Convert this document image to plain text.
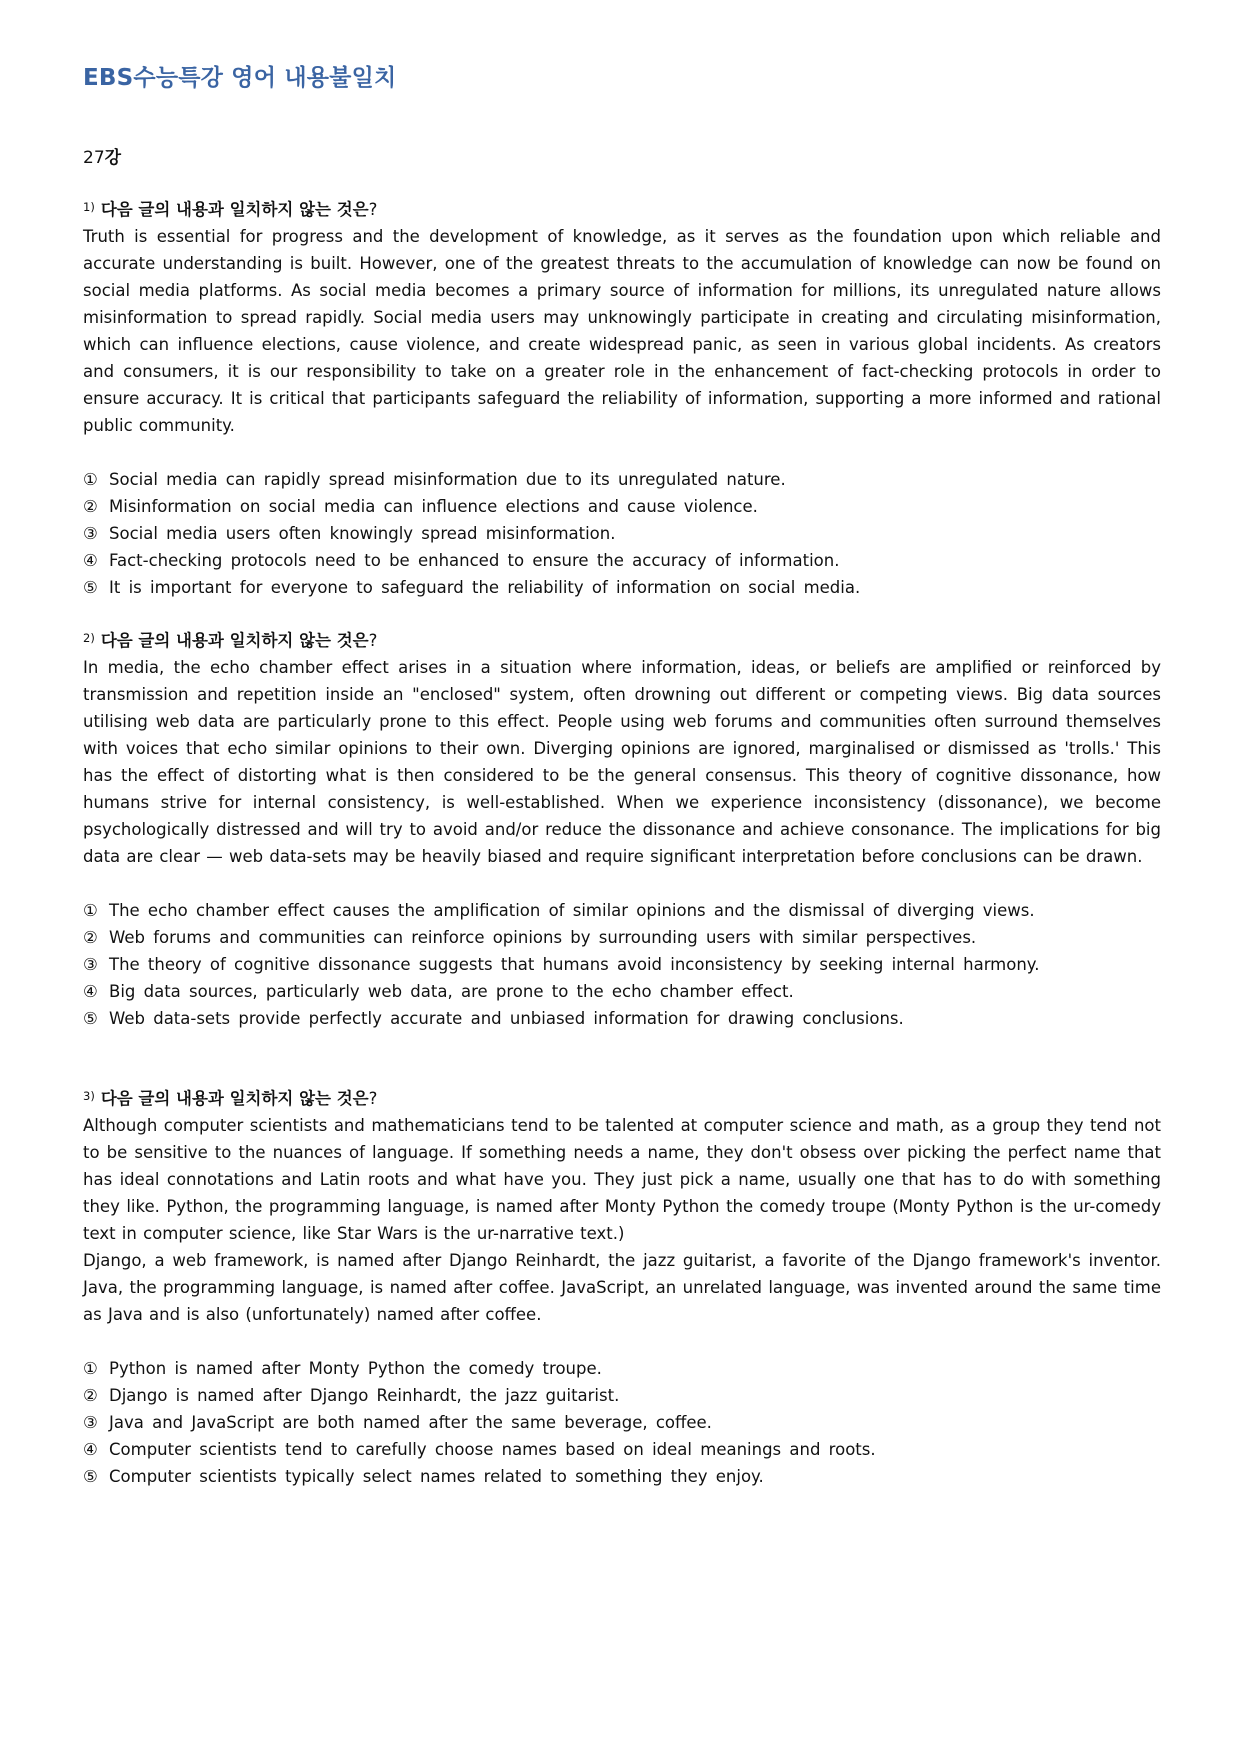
EBS수능특강 영어 내용불일치
27강
$^{1)}$ 다음 글의 내용과 일치하지 않는 것은?

Truth is essential for progress and the development of knowledge, as it serves as the foundation upon which reliable and accurate understanding is built. However, one of the greatest threats to the accumulation of knowledge can now be found on social media platforms. As social media becomes a primary source of information for millions, its unregulated nature allows misinformation to spread rapidly. Social media users may unknowingly participate in creating and circulating misinformation, which can influence elections, cause violence, and create widespread panic, as seen in various global incidents. As creators and consumers, it is our responsibility to take on a greater role in the enhancement of fact-checking protocols in order to ensure accuracy. It is critical that participants safeguard the reliability of information, supporting a more informed and rational public community.

① Social media can rapidly spread misinformation due to its unregulated nature.
② Misinformation on social media can influence elections and cause violence.
③ Social media users often knowingly spread misinformation.
④ Fact-checking protocols need to be enhanced to ensure the accuracy of information.
⑤ It is important for everyone to safeguard the reliability of information on social media.
$^{2)}$ 다음 글의 내용과 일치하지 않는 것은?

In media, the echo chamber effect arises in a situation where information, ideas, or beliefs are amplified or reinforced by transmission and repetition inside an "enclosed" system, often drowning out different or competing views. Big data sources utilising web data are particularly prone to this effect. People using web forums and communities often surround themselves with voices that echo similar opinions to their own. Diverging opinions are ignored, marginalised or dismissed as 'trolls.' This has the effect of distorting what is then considered to be the general consensus. This theory of cognitive dissonance, how humans strive for internal consistency, is well-established. When we experience inconsistency (dissonance), we become psychologically distressed and will try to avoid and/or reduce the dissonance and achieve consonance. The implications for big data are clear — web data-sets may be heavily biased and require significant interpretation before conclusions can be drawn.

① The echo chamber effect causes the amplification of similar opinions and the dismissal of diverging views.
② Web forums and communities can reinforce opinions by surrounding users with similar perspectives.
③ The theory of cognitive dissonance suggests that humans avoid inconsistency by seeking internal harmony.
④ Big data sources, particularly web data, are prone to the echo chamber effect.
⑤ Web data-sets provide perfectly accurate and unbiased information for drawing conclusions.
$^{3)}$ 다음 글의 내용과 일치하지 않는 것은?

Although computer scientists and mathematicians tend to be talented at computer science and math, as a group they tend not to be sensitive to the nuances of language. If something needs a name, they don't obsess over picking the perfect name that has ideal connotations and Latin roots and what have you. They just pick a name, usually one that has to do with something they like. Python, the programming language, is named after Monty Python the comedy troupe (Monty Python is the ur-comedy text in computer science, like Star Wars is the ur-narrative text.)

Django, a web framework, is named after Django Reinhardt, the jazz guitarist, a favorite of the Django framework's inventor. Java, the programming language, is named after coffee. JavaScript, an unrelated language, was invented around the same time as Java and is also (unfortunately) named after coffee.

① Python is named after Monty Python the comedy troupe.
② Django is named after Django Reinhardt, the jazz guitarist.
③ Java and JavaScript are both named after the same beverage, coffee.
④ Computer scientists tend to carefully choose names based on ideal meanings and roots.
⑤ Computer scientists typically select names related to something they enjoy.
